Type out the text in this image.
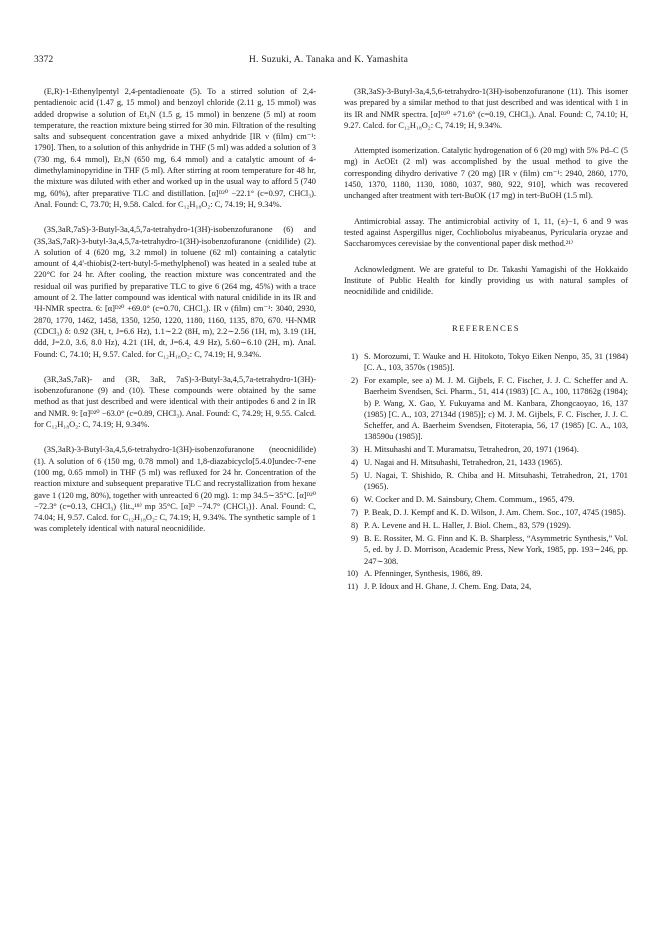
3372	H. Suzuki, A. Tanaka and K. Yamashita

(E,R)-1-Ethenylpentyl 2,4-pentadienoate (5). To a stirred solution of 2,4-pentadienoic acid (1.47 g, 15 mmol) and benzoyl chloride (2.11 g, 15 mmol) was added dropwise a solution of Et₃N (1.5 g, 15 mmol) in benzene (5 ml) at room temperature, the reaction mixture being stirred for 30 min. Filtration of the resulting salts and subsequent concentration gave a mixed anhydride [IR ν (film) cm⁻¹: 1790]. Then, to a solution of this anhydride in THF (5 ml) was added a solution of 3 (730 mg, 6.4 mmol), Et₃N (650 mg, 6.4 mmol) and a catalytic amount of 4-dimethylaminopyridine in THF (5 ml). After stirring at room temperature for 48 hr, the mixture was diluted with ether and worked up in the usual way to afford 5 (740 mg, 60%), after preparative TLC and distillation. [α]ᴰ²⁰ −22.1° (c=0.97, CHCl₃). Anal. Found: C, 73.70; H, 9.58. Calcd. for C₁₂H₁₈O₂: C, 74.19; H, 9.34%.

(3S,3aR,7aS)-3-Butyl-3a,4,5,7a-tetrahydro-1(3H)-isobenzofuranone (6) and (3S,3aS,7aR)-3-butyl-3a,4,5,7a-tetrahydro-1(3H)-isobenzofuranone (cnidilide) (2). A solution of 4 (620 mg, 3.2 mmol) in toluene (62 ml) containing a catalytic amount of 4,4′-thiobis(2-tert-butyl-5-methylphenol) was heated in a sealed tube at 220°C for 24 hr. After cooling, the reaction mixture was concentrated and the residual oil was purified by preparative TLC to give 6 (264 mg, 45%) with a trace amount of 2. The latter compound was identical with natural cnidilide in its IR and ¹H-NMR spectra. 6: [α]ᴰ²⁰ +69.0° (c=0.70, CHCl₃). IR ν (film) cm⁻¹: 3040, 2930, 2870, 1770, 1462, 1458, 1350, 1250, 1220, 1180, 1160, 1135, 870, 670. ¹H-NMR (CDCl₃) δ: 0.92 (3H, t, J=6.6 Hz), 1.1∼2.2 (8H, m), 2.2∼2.56 (1H, m), 3.19 (1H, ddd, J=2.0, 3.6, 8.0 Hz), 4.21 (1H, dt, J=6.4, 4.9 Hz), 5.60∼6.10 (2H, m). Anal. Found: C, 74.10; H, 9.57. Calcd. for C₁₂H₁₈O₂: C, 74.19; H, 9.34%.

(3R,3aS,7aR)- and (3R, 3aR, 7aS)-3-Butyl-3a,4,5,7a-tetrahydro-1(3H)-isobenzofuranone (9) and (10). These compounds were obtained by the same method as that just described and were identical with their antipodes 6 and 2 in IR and NMR. 9: [α]ᴰ²⁰ −63.0° (c=0.89, CHCl₃). Anal. Found: C, 74.29; H, 9.55. Calcd. for C₁₂H₁₈O₂: C, 74.19; H, 9.34%.

(3S,3aR)-3-Butyl-3a,4,5,6-tetrahydro-1(3H)-isobenzofuranone (neocnidilide) (1). A solution of 6 (150 mg, 0.78 mmol) and 1,8-diazabicyclo[5.4.0]undec-7-ene (100 mg, 0.65 mmol) in THF (5 ml) was refluxed for 24 hr. Concentration of the reaction mixture and subsequent preparative TLC and recrystallization from hexane gave 1 (120 mg, 80%), together with unreacted 6 (20 mg). 1: mp 34.5∼35°C. [α]ᴰ²⁰ −72.3° (c=0.13, CHCl₃) {lit.,¹⁸⁾ mp 35°C. [α]ᴰ −74.7° (CHCl₃)}. Anal. Found: C, 74.04; H, 9.57. Calcd. for C₁₂H₁₈O₂: C, 74.19; H, 9.34%. The synthetic sample of 1 was completely identical with natural neocnidilide.

(3R,3aS)-3-Butyl-3a,4,5,6-tetrahydro-1(3H)-isobenzofuranone (11). This isomer was prepared by a similar method to that just described and was identical with 1 in its IR and NMR spectra. [α]ᴰ²⁰ +71.6° (c=0.19, CHCl₃). Anal. Found: C, 74.10; H, 9.27. Calcd. for C₁₂H₁₈O₂: C, 74.19; H, 9.34%.

Attempted isomerization. Catalytic hydrogenation of 6 (20 mg) with 5% Pd–C (5 mg) in AcOEt (2 ml) was accomplished by the usual method to give the corresponding dihydro derivative 7 (20 mg) [IR ν (film) cm⁻¹: 2940, 2860, 1770, 1450, 1370, 1180, 1130, 1080, 1037, 980, 922, 910], which was recovered unchanged after treatment with tert-BuOK (17 mg) in tert-BuOH (1.5 ml).

Antimicrobial assay. The antimicrobial activity of 1, 11, (±)−1, 6 and 9 was tested against Aspergillus niger, Cochliobolus miyabeanus, Pyricularia oryzae and Saccharomyces cerevisiae by the conventional paper disk method.²¹⁾

Acknowledgment. We are grateful to Dr. Takashi Yamagishi of the Hokkaido Institute of Public Health for kindly providing us with natural samples of neocnidilide and cnidilide.

REFERENCES
1) S. Morozumi, T. Wauke and H. Hitokoto, Tokyo Eiken Nenpo, 35, 31 (1984) [C. A., 103, 3570s (1985)].
2) For example, see a) M. J. M. Gijbels, F. C. Fischer, J. J. C. Scheffer and A. Baerheim Svendsen, Sci. Pharm., 51, 414 (1983) [C. A., 100, 117862g (1984); b) P. Wang, X. Gao, Y. Fukuyama and M. Kanbara, Zhongcaoyao, 16, 137 (1985) [C. A., 103, 27134d (1985)]; c) M. J. M. Gijbels, F. C. Fischer, J. J. C. Scheffer, and A. Baerheim Svendsen, Fitoterapia, 56, 17 (1985) [C. A., 103, 138590u (1985)].
3) H. Mitsuhashi and T. Muramatsu, Tetrahedron, 20, 1971 (1964).
4) U. Nagai and H. Mitsuhashi, Tetrahedron, 21, 1433 (1965).
5) U. Nagai, T. Shishido, R. Chiba and H. Mitsuhashi, Tetrahedron, 21, 1701 (1965).
6) W. Cocker and D. M. Sainsbury, Chem. Commum., 1965, 479.
7) P. Beak, D. J. Kempf and K. D. Wilson, J. Am. Chem. Soc., 107, 4745 (1985).
8) P. A. Levene and H. L. Haller, J. Biol. Chem., 83, 579 (1929).
9) B. E. Rossiter, M. G. Finn and K. B. Sharpless, “Asymmetric Synthesis,” Vol. 5, ed. by J. D. Morrison, Academic Press, New York, 1985, pp. 193∼246, pp. 247∼308.
10) A. Pfenninger, Synthesis, 1986, 89.
11) J. P. Idoux and H. Ghane, J. Chem. Eng. Data, 24,
